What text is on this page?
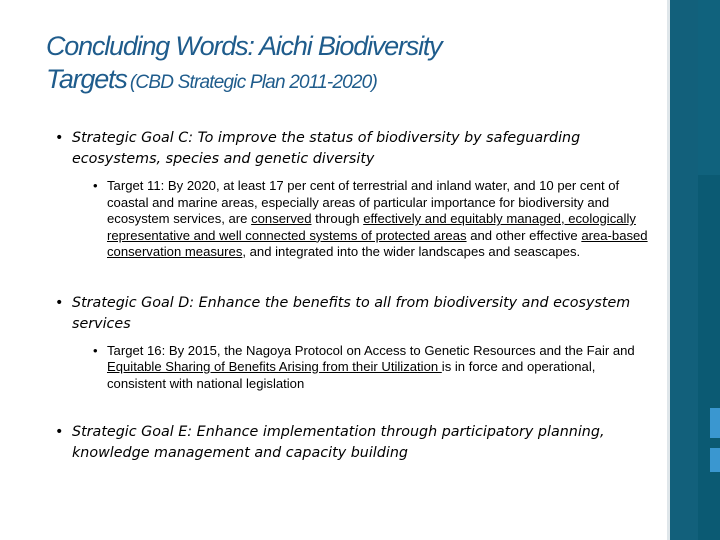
Concluding Words: Aichi Biodiversity
Targets (CBD Strategic Plan 2011-2020)
• Strategic Goal C: To improve the status of biodiversity by safeguarding ecosystems, species and genetic diversity
• Target 11: By 2020, at least 17 per cent of terrestrial and inland water, and 10 per cent of coastal and marine areas, especially areas of particular importance for biodiversity and ecosystem services, are conserved through effectively and equitably managed, ecologically representative and well connected systems of protected areas and other effective area-based conservation measures, and integrated into the wider landscapes and seascapes.
• Strategic Goal D: Enhance the benefits to all from biodiversity and ecosystem services
• Target 16: By 2015, the Nagoya Protocol on Access to Genetic Resources and the Fair and Equitable Sharing of Benefits Arising from their Utilization is in force and operational, consistent with national legislation
• Strategic Goal E: Enhance implementation through participatory planning, knowledge management and capacity building
